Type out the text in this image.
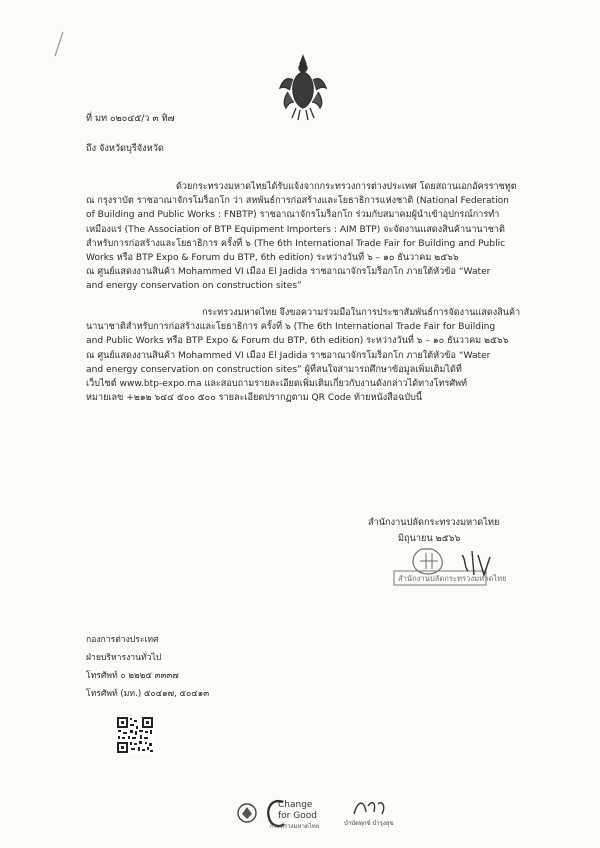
ที่ มท ๐๒๐๔๕/ว ๓ ทิ๗
ถึง จังหวัดบุรีจังหวัด
ด้วยกระทรวงมหาดไทยได้รับแจ้งจากกระทรวงการต่างประเทศ โดยสถานเอกอัครราชทูต
ณ กรุงราบัต ราชอาณาจักรโมร็อกโก ว่า สหพันธ์การก่อสร้างและโยธาธิการแห่งชาติ (National Federation
of Building and Public Works : FNBTP) ราชอาณาจักรโมร็อกโก ร่วมกับสมาคมผู้นำเข้าอุปกรณ์การทำ
เหมืองแร่ (The Association of BTP Equipment Importers : AIM BTP) จะจัดงานแสดงสินค้านานาชาติ
สำหรับการก่อสร้างและโยธาธิการ ครั้งที่ ๖ (The 6th International Trade Fair for Building and Public
Works หรือ BTP Expo & Forum du BTP, 6th edition) ระหว่างวันที่ ๖ – ๑๐ ธันวาคม ๒๕๖๖
ณ ศูนย์แสดงงานสินค้า Mohammed VI เมือง El Jadida ราชอาณาจักรโมร็อกโก ภายใต้หัวข้อ “Water
and energy conservation on construction sites”
กระทรวงมหาดไทย จึงขอความร่วมมือในการประชาสัมพันธ์การจัดงานแสดงสินค้า
นานาชาติสำหรับการก่อสร้างและโยธาธิการ ครั้งที่ ๖ (The 6th International Trade Fair for Building
and Public Works หรือ BTP Expo & Forum du BTP, 6th edition) ระหว่างวันที่ ๖ – ๑๐ ธันวาคม ๒๕๖๖
ณ ศูนย์แสดงงานสินค้า Mohammed VI เมือง El Jadida ราชอาณาจักรโมร็อกโก ภายใต้หัวข้อ “Water
and energy conservation on construction sites” ผู้ที่สนใจสามารถศึกษาข้อมูลเพิ่มเติมได้ที่
เว็บไซต์ www.btp-expo.ma และสอบถามรายละเอียดเพิ่มเติมเกี่ยวกับงานดังกล่าวได้ทางโทรศัพท์
หมายเลข +๒๑๒ ๖๔๔ ๕๐๐ ๕๐๐ รายละเอียดปรากฏตาม QR Code ท้ายหนังสือฉบับนี้
สำนักงานปลัดกระทรวงมหาดไทย
มิถุนายน ๒๕๖๖
สำนักงานปลัดกระทรวงมหาดไทย
กองการต่างประเทศ
ฝ่ายบริหารงานทั่วไป
โทรศัพท์ ๐ ๒๒๒๕ ๓๓๓๗
โทรศัพท์ (มท.) ๕๐๔๑๗, ๕๐๔๑๓
Change
for Good
กระทรวงมหาดไทย	บำบัดทุกข์ บำรุงสุข
